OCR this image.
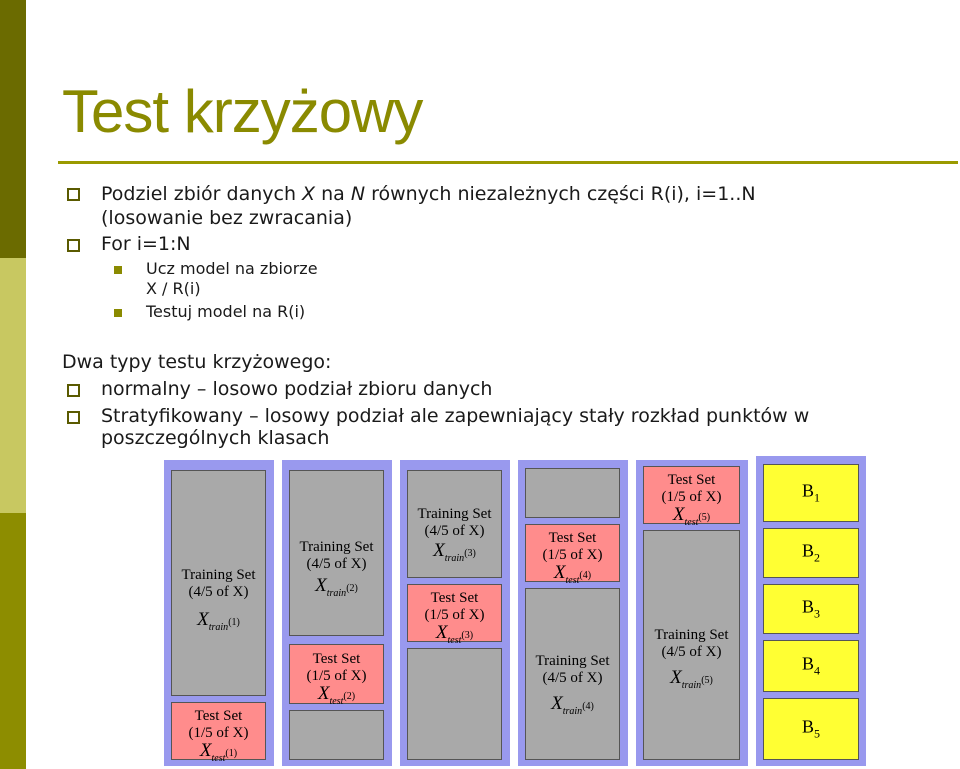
Test krzyżowy
Podziel zbiór danych X na N równych niezależnych części R(i), i=1..N
(losowanie bez zwracania)
For i=1:N
Ucz model na zbiorze
X / R(i)
Testuj model na R(i)
Dwa typy testu krzyżowego:
normalny – losowo podział zbioru danych
Stratyfikowany – losowy podział ale zapewniający stały rozkład punktów w
poszczególnych klasach
Training Set
(4/5 of X)
$X_{train}(1)$
Test Set
(1/5 of X)
$X_{test}(1)$
Training Set
(4/5 of X)
$X_{train}(2)$
Test Set
(1/5 of X)
$X_{test}(2)$
Training Set
(4/5 of X)
$X_{train}(3)$
Test Set
(1/5 of X)
$X_{test}(3)$
Test Set
(1/5 of X)
$X_{test}(4)$
Training Set
(4/5 of X)
$X_{train}(4)$
Test Set
(1/5 of X)
$X_{test}(5)$
Training Set
(4/5 of X)
$X_{train}(5)$
$B_1$
$B_2$
$B_3$
$B_4$
$B_5$
